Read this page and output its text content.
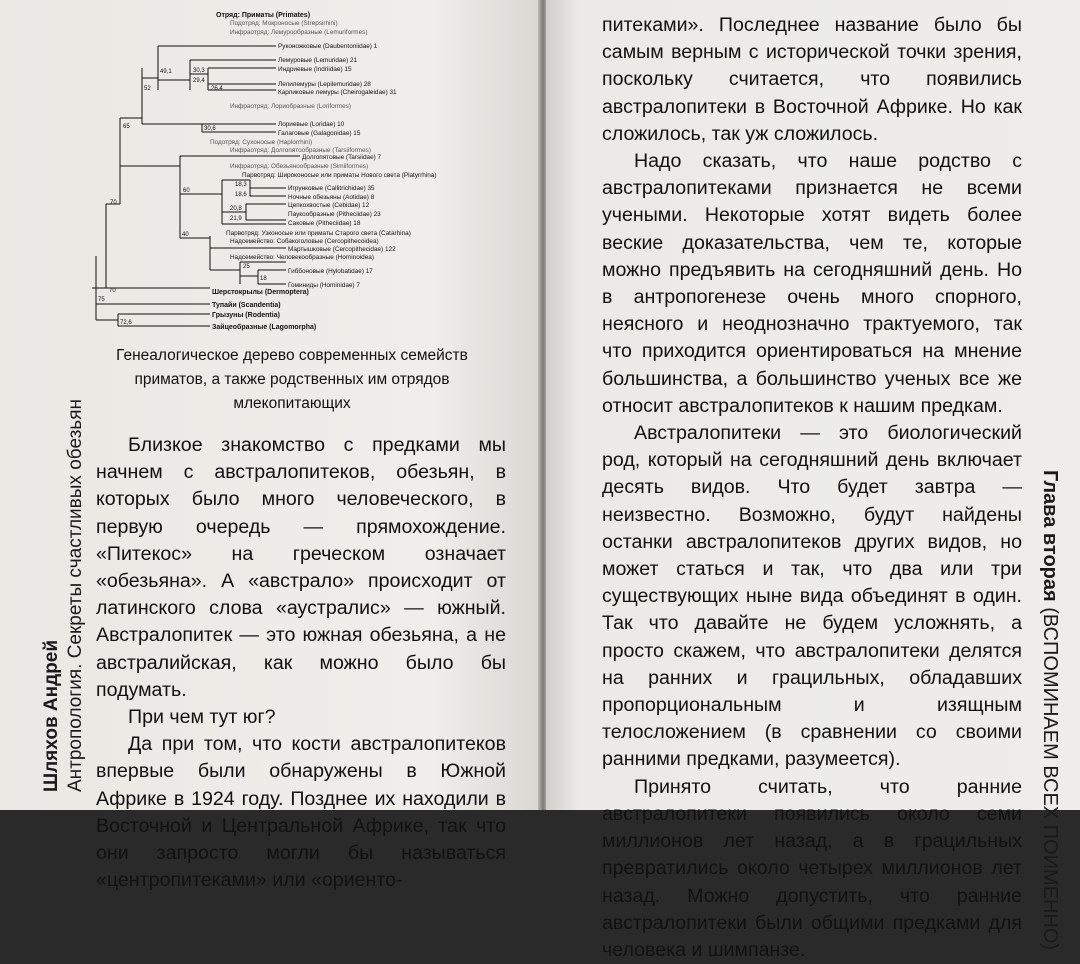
Шляхов Андрей Антропология. Секреты счастливых обезьян
Отряд: Приматы (Primates)
Подотряд: Мокроносые (Strepsirhini)
Инфраотряд: Лемурообразные (Lemuriformes)
Руконожковые (Daubentoniidae) 1
Лемуровые (Lemuridae) 21
Индриевые (Indriidae) 15
Лепилемуры (Lepilemuridae) 28
Карликовые лемуры (Cheirogaleidae) 31
Инфраотряд: Лориобразные (Loriformes)
Лориевые (Loridae) 10
Галаговые (Galagonidae) 15
Подотряд: Сухоносые (Haplorrhini)
Инфраотряд: Долгопятообразные (Tarsiiformes)
Долгопятовые (Tarsiidae) 7
Инфраотряд: Обезьянообразные (Simiiformes)
Парвотряд: Широконосые или приматы Нового света (Platyrrhina)
Игрунковые (Callitrichidae) 35
Ночные обезьяны (Aotidae) 8
Цепкохвостые (Cebidae) 12
Паукообразные (Pitheciidae) 23
Саковые (Pitheciidae) 18
Парвотряд: Узконосые или приматы Старого света (Catarhina)
Надсемейство: Собакоголовые (Cercopithecoidea)
Мартышковые (Cercopithecidae) 122
Надсемейство: Человекообразные (Hominoidea)
Гиббоновые (Hylobatidae) 17
Гоминиды (Hominidae) 7
Шерстокрылы (Dermoptera)
Тупайи (Scandentia)
Грызуны (Rodentia)
Зайцеобразные (Lagomorpha)
49,1	30,3
29,4
26,4
52
30,6
65
18,3
18,6
20,8
21,9
60
70
40
25
18
70
75
72,6
Генеалогическое дерево современных семейств приматов, а также родственных им отрядов млекопитающих

Близкое знакомство с предками мы начнем с австралопитеков, обезьян, в которых было много человеческого, в первую очередь — прямохождение. «Питекос» на греческом означает «обезьяна». А «австрало» происходит от латинского слова «аустралис» — южный. Австралопитек — это южная обезьяна, а не австралийская, как можно было бы подумать.

При чем тут юг?

Да при том, что кости австралопитеков впервые были обнаружены в Южной Африке в 1924 году. Позднее их находили в Восточной и Центральной Африке, так что они запросто могли бы называться «центропитеками» или «ориенто-

питеками». Последнее название было бы самым верным с исторической точки зрения, поскольку считается, что появились австралопитеки в Восточной Африке. Но как сложилось, так уж сложилось.

Надо сказать, что наше родство с австралопитеками признается не всеми учеными. Некоторые хотят видеть более веские доказательства, чем те, которые можно предъявить на сегодняшний день. Но в антропогенезе очень много спорного, неясного и неоднозначно трактуемого, так что приходится ориентироваться на мнение большинства, а большинство ученых все же относит австралопитеков к нашим предкам.

Австралопитеки — это биологический род, который на сегодняшний день включает десять видов. Что будет завтра — неизвестно. Возможно, будут найдены останки австралопитеков других видов, но может статься и так, что два или три существующих ныне вида объединят в один. Так что давайте не будем усложнять, а просто скажем, что австралопитеки делятся на ранних и грацильных, обладавших пропорциональным и изящным телосложением (в сравнении со своими ранними предками, разумеется).

Принято считать, что ранние австралопитеки появились около семи миллионов лет назад, а в грацильных превратились около четырех миллионов лет назад. Можно допустить, что ранние австралопитеки были общими предками для человека и шимпанзе.

Глава вторая (ВСПОМИНАЕМ ВСЕХ ПОИМЕННО)
